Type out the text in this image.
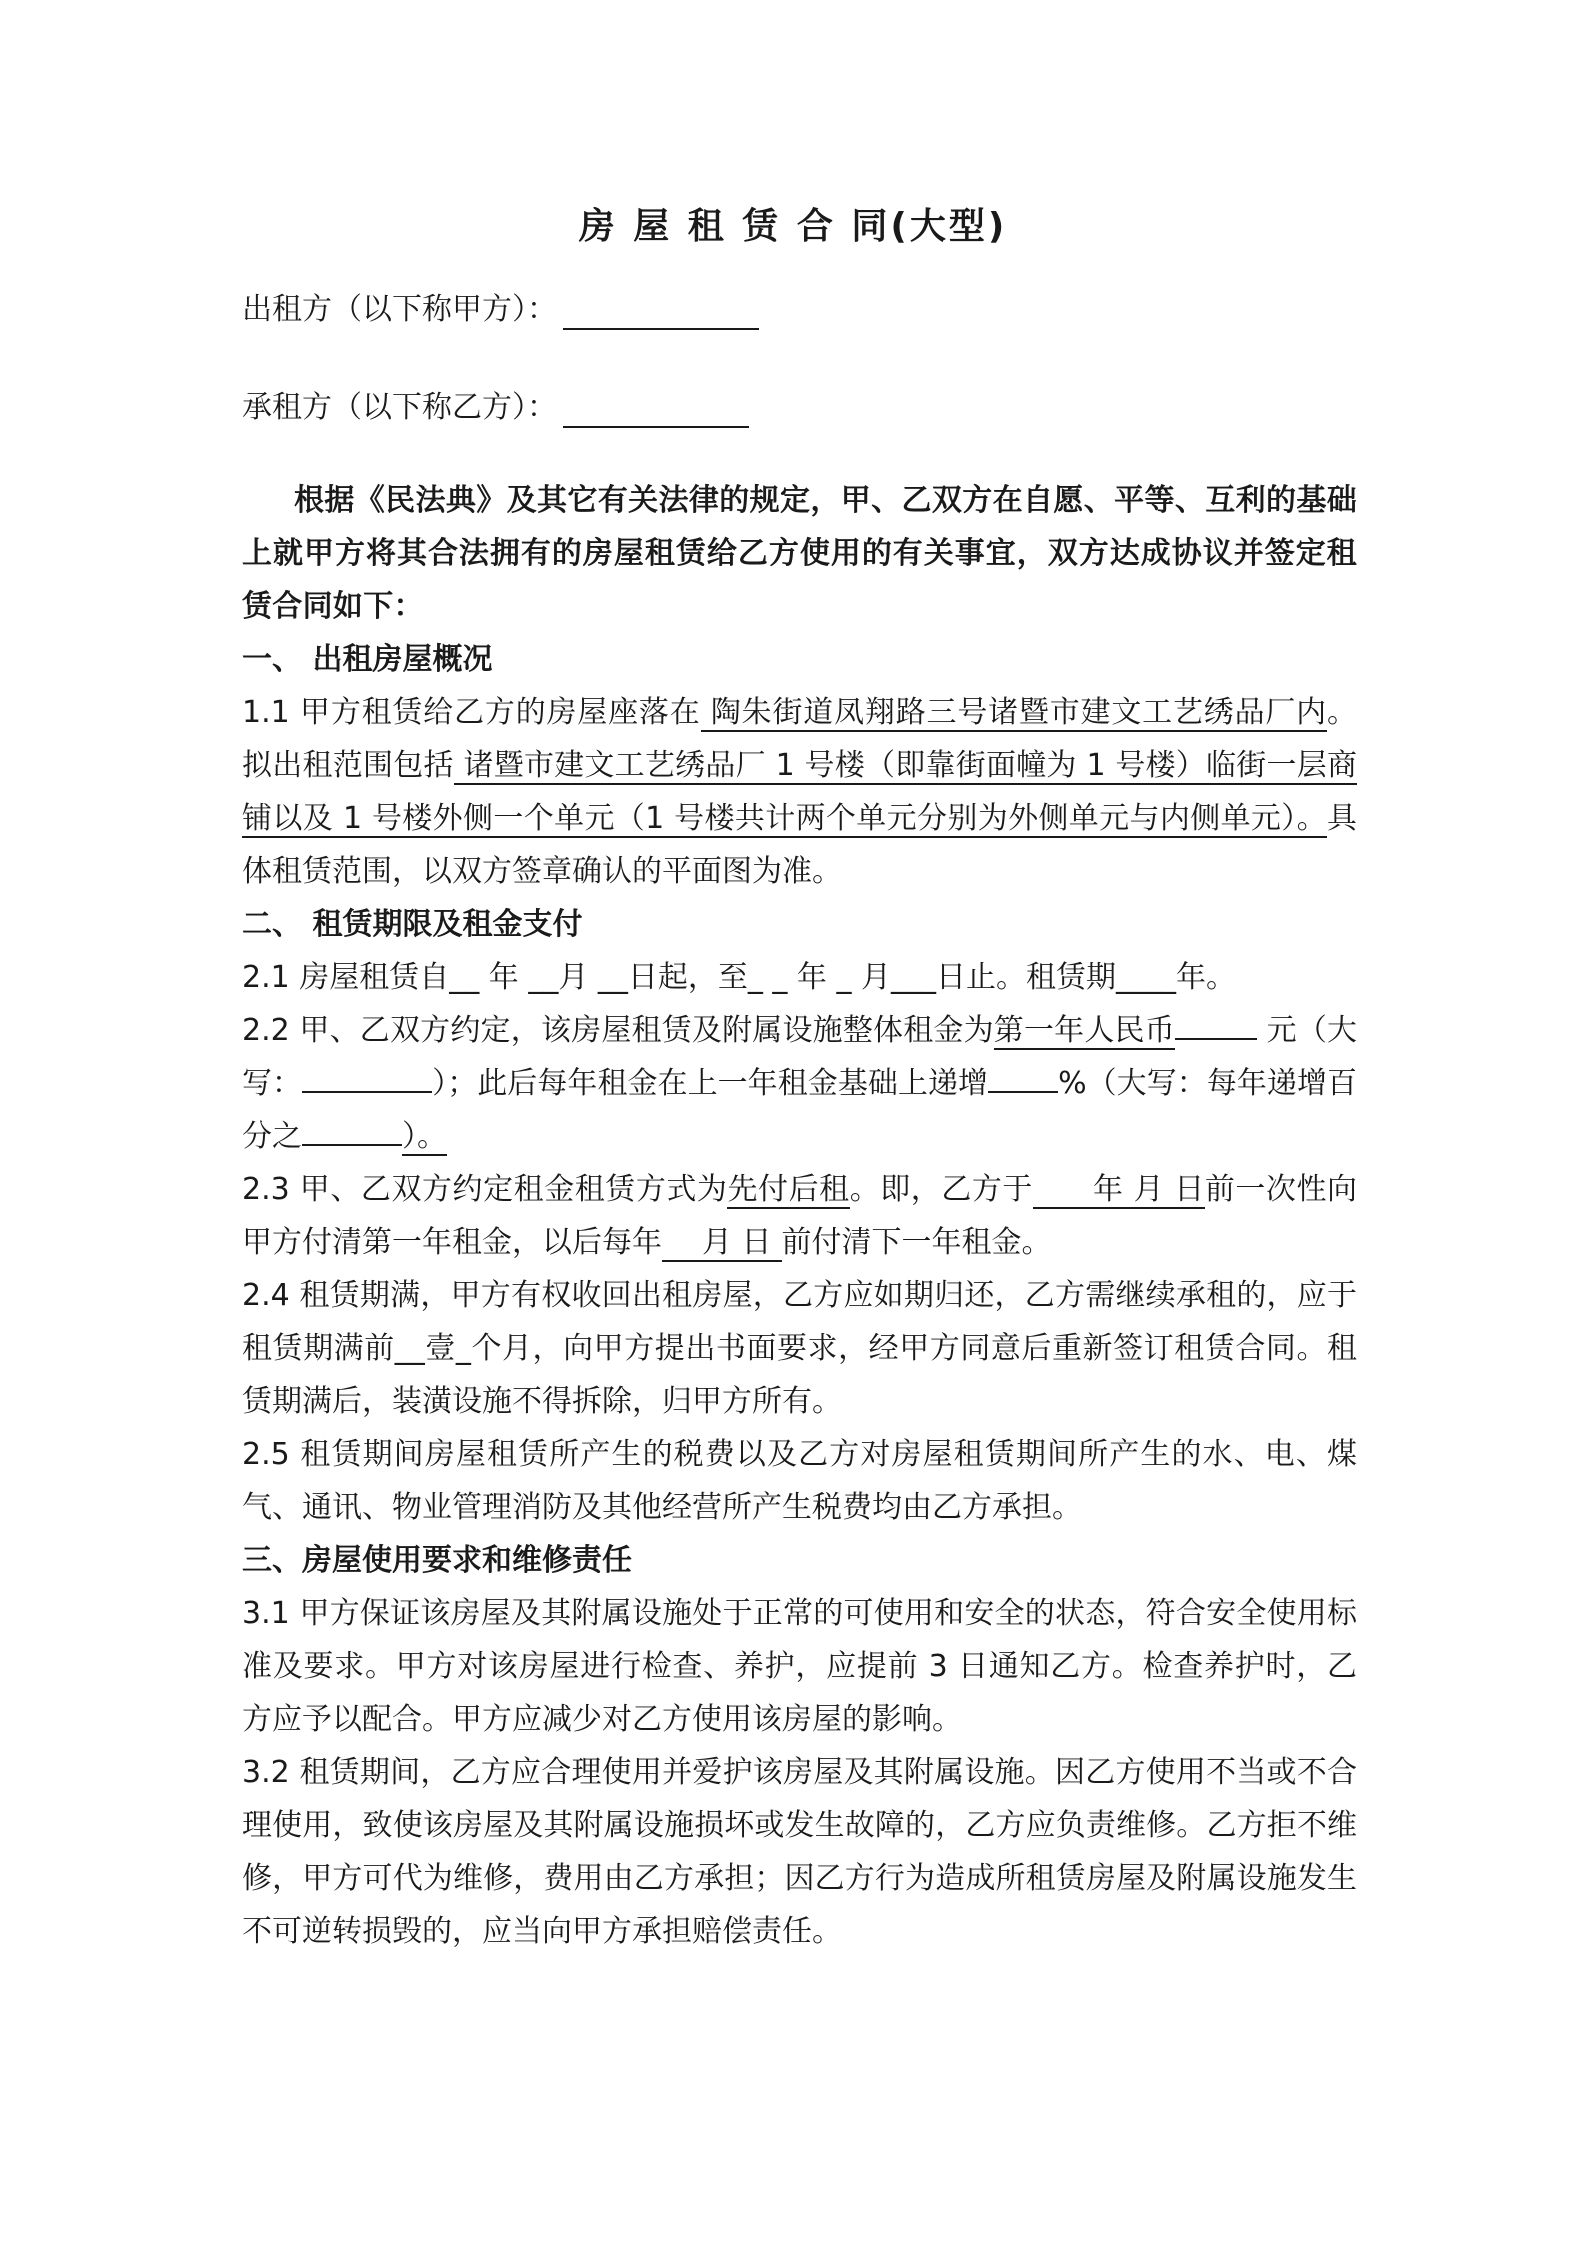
房 屋 租 赁 合 同(大型)
出租方（以下称甲方）：
承租方（以下称乙方）：

根据《民法典》及其它有关法律的规定，甲、乙双方在自愿、平等、互利的基础上就甲方将其合法拥有的房屋租赁给乙方使用的有关事宜，双方达成协议并签定租赁合同如下：

一、 出租房屋概况

1.1 甲方租赁给乙方的房屋座落在 陶朱街道凤翔路三号诸暨市建文工艺绣品厂内。拟出租范围包括 诸暨市建文工艺绣品厂 1 号楼（即靠街面幢为 1 号楼）临街一层商铺以及 1 号楼外侧一个单元（1 号楼共计两个单元分别为外侧单元与内侧单元）。具体租赁范围，以双方签章确认的平面图为准。

二、 租赁期限及租金支付

2.1 房屋租赁自__ 年 __月 __日起，至_ _ 年 _ 月___日止。租赁期____年。

2.2 甲、乙双方约定，该房屋租赁及附属设施整体租金为第一年人民币	元（大写：	）；此后每年租金在上一年租金基础上递增 %（大写：每年递增百分之	）。

2.3 甲、乙双方约定租金租赁方式为先付后租。即，乙方于 年 月 日前一次性向甲方付清第一年租金，以后每年 月 日 前付清下一年租金。

2.4 租赁期满，甲方有权收回出租房屋，乙方应如期归还，乙方需继续承租的，应于租赁期满前__壹_个月，向甲方提出书面要求，经甲方同意后重新签订租赁合同。租赁期满后，装潢设施不得拆除，归甲方所有。

2.5 租赁期间房屋租赁所产生的税费以及乙方对房屋租赁期间所产生的水、电、煤气、通讯、物业管理消防及其他经营所产生税费均由乙方承担。

三、房屋使用要求和维修责任

3.1 甲方保证该房屋及其附属设施处于正常的可使用和安全的状态，符合安全使用标准及要求。甲方对该房屋进行检查、养护，应提前 3 日通知乙方。检查养护时，乙方应予以配合。甲方应减少对乙方使用该房屋的影响。

3.2 租赁期间，乙方应合理使用并爱护该房屋及其附属设施。因乙方使用不当或不合理使用，致使该房屋及其附属设施损坏或发生故障的，乙方应负责维修。乙方拒不维修，甲方可代为维修，费用由乙方承担；因乙方行为造成所租赁房屋及附属设施发生不可逆转损毁的，应当向甲方承担赔偿责任。
